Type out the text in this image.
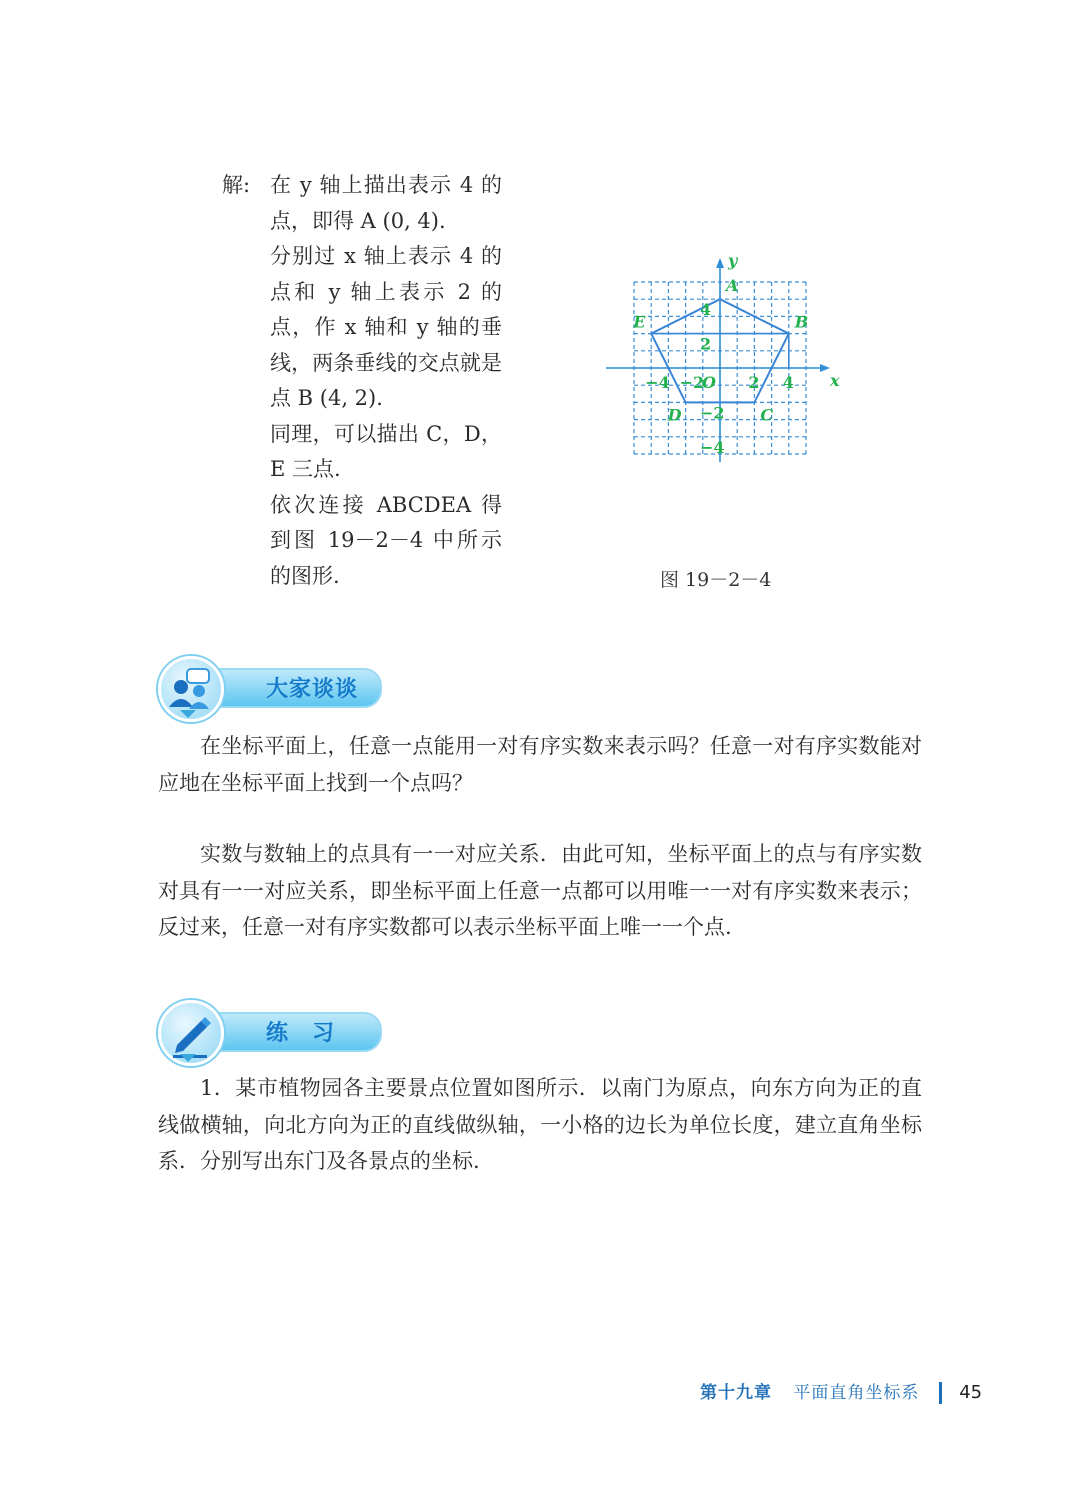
解: 在 y 轴上描出表示 4 的点，即得 A (0, 4).

分别过 x 轴上表示 4 的点和 y 轴上表示 2 的点，作 x 轴和 y 轴的垂线，两条垂线的交点就是点 B (4, 2).

同理，可以描出 C，D，E 三点.

依次连接 ABCDEA 得到图 19－2－4 中所示的图形.

x
y
−4 −2	2 4
4
2
−2
−4
O
A
B
C
D
E
图 19－2－4
大家谈谈

在坐标平面上，任意一点能用一对有序实数来表示吗？任意一对有序实数能对应地在坐标平面上找到一个点吗？

实数与数轴上的点具有一一对应关系．由此可知，坐标平面上的点与有序实数对具有一一对应关系，即坐标平面上任意一点都可以用唯一一对有序实数来表示；反过来，任意一对有序实数都可以表示坐标平面上唯一一个点.

练　习

1．某市植物园各主要景点位置如图所示．以南门为原点，向东方向为正的直线做横轴，向北方向为正的直线做纵轴，一小格的边长为单位长度，建立直角坐标系．分别写出东门及各景点的坐标.

第十九章 平面直角坐标系 45
